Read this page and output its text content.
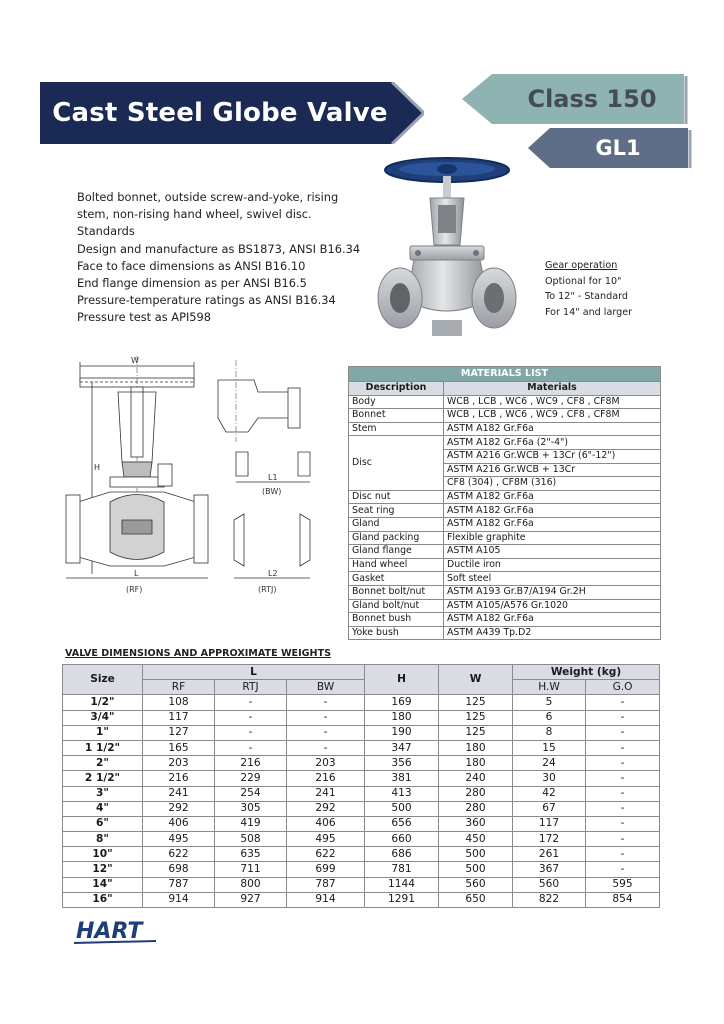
Cast Steel Globe Valve	Class 150
GL1
Bolted bonnet, outside screw-and-yoke, rising
stem, non-rising hand wheel, swivel disc.
Standards
Design and manufacture as BS1873, ANSI B16.34
Face to face dimensions as ANSI B16.10
End flange dimension as per ANSI B16.5
Pressure-temperature ratings as ANSI B16.34
Pressure test as API598
Gear operation
Optional for 10"
To 12" - Standard
For 14" and larger
W
H
L
(RF)
L1
(BW)
L2
(RTJ)
MATERIALS LIST	
Description	Materials
Body	WCB , LCB , WC6 , WC9 , CF8 , CF8M
Bonnet	WCB , LCB , WC6 , WC9 , CF8 , CF8M
Stem	ASTM A182 Gr.F6a
Disc	ASTM A182 Gr.F6a (2"-4")
	ASTM A216 Gr.WCB + 13Cr (6"-12")
	ASTM A216 Gr.WCB + 13Cr
	CF8 (304) , CF8M (316)
Disc nut	ASTM A182 Gr.F6a
Seat ring	ASTM A182 Gr.F6a
Gland	ASTM A182 Gr.F6a
Gland packing	Flexible graphite
Gland flange	ASTM A105
Hand wheel	Ductile iron
Gasket	Soft steel
Bonnet bolt/nut	ASTM A193 Gr.B7/A194 Gr.2H
Gland bolt/nut	ASTM A105/A576 Gr.1020
Bonnet bush	ASTM A182 Gr.F6a
Yoke bush	ASTM A439 Tp.D2
VALVE DIMENSIONS AND APPROXIMATE WEIGHTS
Size	L			H	W	Weight (kg)	
	RF	RTJ	BW			H.W	G.O
1/2"	108	-	-	169	125	5	-
3/4"	117	-	-	180	125	6	-
1"	127	-	-	190	125	8	-
1 1/2"	165	-	-	347	180	15	-
2"	203	216	203	356	180	24	-
2 1/2"	216	229	216	381	240	30	-
3"	241	254	241	413	280	42	-
4"	292	305	292	500	280	67	-
6"	406	419	406	656	360	117	-
8"	495	508	495	660	450	172	-
10"	622	635	622	686	500	261	-
12"	698	711	699	781	500	367	-
14"	787	800	787	1144	560	560	595
16"	914	927	914	1291	650	822	854
HART
